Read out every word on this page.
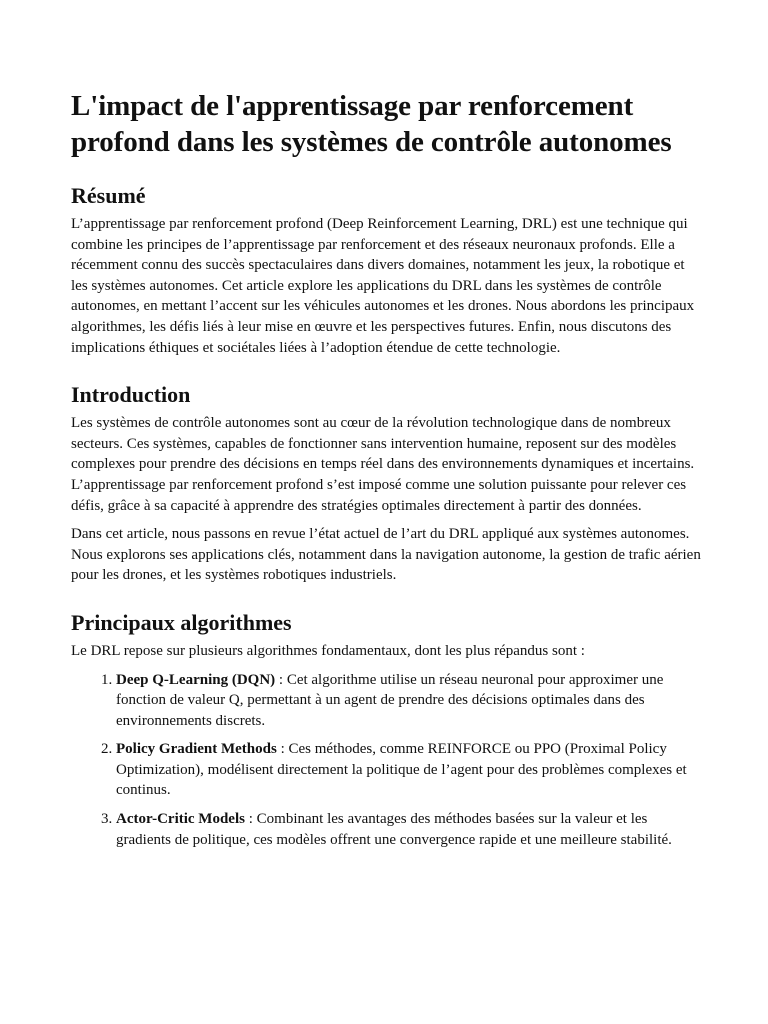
L'impact de l'apprentissage par renforcement profond dans les systèmes de contrôle autonomes
Résumé

L’apprentissage par renforcement profond (Deep Reinforcement Learning, DRL) est une technique qui combine les principes de l’apprentissage par renforcement et des réseaux neuronaux profonds. Elle a récemment connu des succès spectaculaires dans divers domaines, notamment les jeux, la robotique et les systèmes autonomes. Cet article explore les applications du DRL dans les systèmes de contrôle autonomes, en mettant l’accent sur les véhicules autonomes et les drones. Nous abordons les principaux algorithmes, les défis liés à leur mise en œuvre et les perspectives futures. Enfin, nous discutons des implications éthiques et sociétales liées à l’adoption étendue de cette technologie.

Introduction

Les systèmes de contrôle autonomes sont au cœur de la révolution technologique dans de nombreux secteurs. Ces systèmes, capables de fonctionner sans intervention humaine, reposent sur des modèles complexes pour prendre des décisions en temps réel dans des environnements dynamiques et incertains. L’apprentissage par renforcement profond s’est imposé comme une solution puissante pour relever ces défis, grâce à sa capacité à apprendre des stratégies optimales directement à partir des données.

Dans cet article, nous passons en revue l’état actuel de l’art du DRL appliqué aux systèmes autonomes. Nous explorons ses applications clés, notamment dans la navigation autonome, la gestion de trafic aérien pour les drones, et les systèmes robotiques industriels.

Principaux algorithmes

Le DRL repose sur plusieurs algorithmes fondamentaux, dont les plus répandus sont :

1. Deep Q-Learning (DQN) : Cet algorithme utilise un réseau neuronal pour approximer une fonction de valeur Q, permettant à un agent de prendre des décisions optimales dans des environnements discrets.
2. Policy Gradient Methods : Ces méthodes, comme REINFORCE ou PPO (Proximal Policy Optimization), modélisent directement la politique de l’agent pour des problèmes complexes et continus.
3. Actor-Critic Models : Combinant les avantages des méthodes basées sur la valeur et les gradients de politique, ces modèles offrent une convergence rapide et une meilleure stabilité.
